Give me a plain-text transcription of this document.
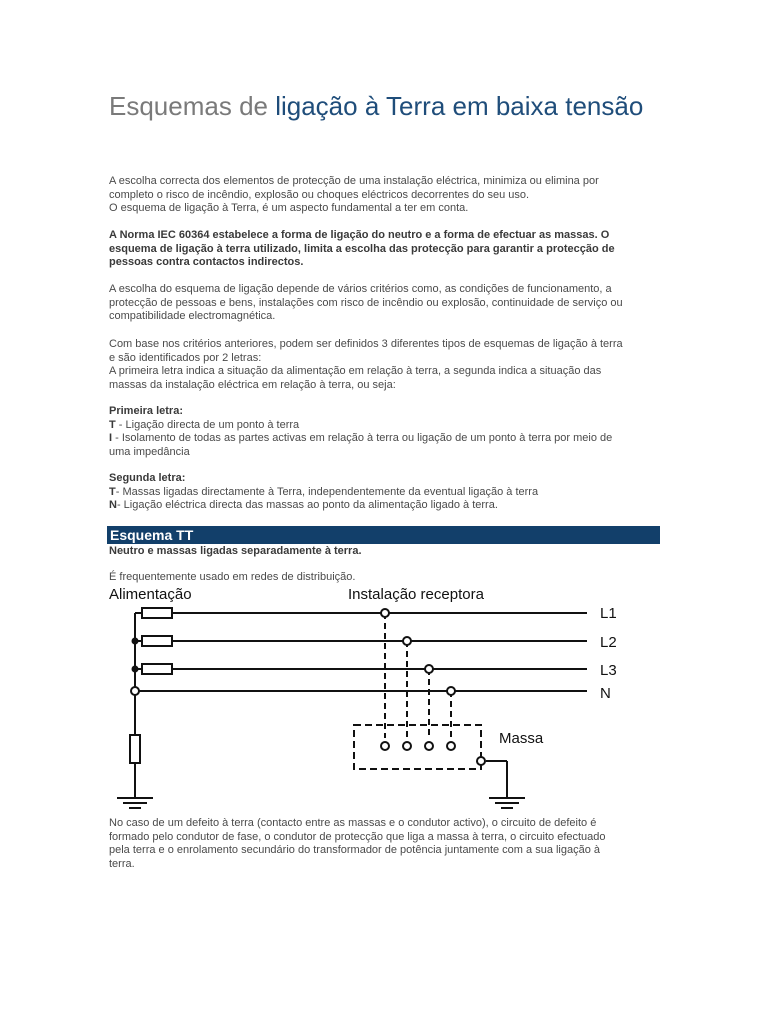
Esquemas de ligação à Terra em baixa tensão

A escolha correcta dos elementos de protecção de uma instalação eléctrica, minimiza ou elimina por
completo o risco de incêndio, explosão ou choques eléctricos decorrentes do seu uso.
O esquema de ligação à Terra, é um aspecto fundamental a ter em conta.

A Norma IEC 60364 estabelece a forma de ligação do neutro e a forma de efectuar as massas. O
esquema de ligação à terra utilizado, limita a escolha das protecção para garantir a protecção de
pessoas contra contactos indirectos.

A escolha do esquema de ligação depende de vários critérios como, as condições de funcionamento, a
protecção de pessoas e bens, instalações com risco de incêndio ou explosão, continuidade de serviço ou
compatibilidade electromagnética.

Com base nos critérios anteriores, podem ser definidos 3 diferentes tipos de esquemas de ligação à terra
e são identificados por 2 letras:
A primeira letra indica a situação da alimentação em relação à terra, a segunda indica a situação das
massas da instalação eléctrica em relação à terra, ou seja:

Primeira letra:
T - Ligação directa de um ponto à terra
I - Isolamento de todas as partes activas em relação à terra ou ligação de um ponto à terra por meio de
uma impedância

Segunda letra:
T- Massas ligadas directamente à Terra, independentemente da eventual ligação à terra
N- Ligação eléctrica directa das massas ao ponto da alimentação ligado à terra.

Esquema TT

Neutro e massas ligadas separadamente à terra.

É frequentemente usado em redes de distribuição.

Alimentação	Instalação receptora
L1
L2
L3
N
Massa

No caso de um defeito à terra (contacto entre as massas e o condutor activo), o circuito de defeito é
formado pelo condutor de fase, o condutor de protecção que liga a massa à terra, o circuito efectuado
pela terra e o enrolamento secundário do transformador de potência juntamente com a sua ligação à
terra.
